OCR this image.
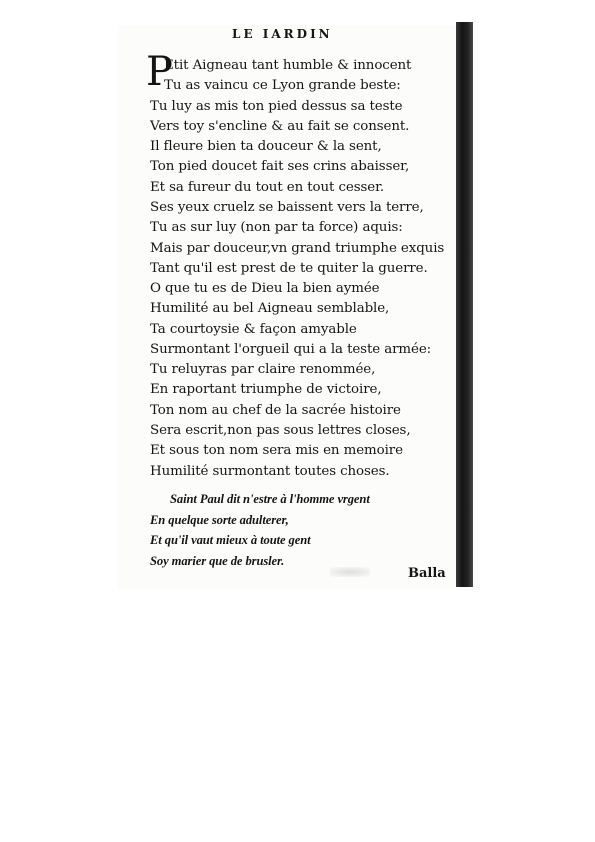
LE IARDIN
P
Etit Aigneau tant humble & innocent
Tu as vaincu ce Lyon grande beste:
Tu luy as mis ton pied dessus sa teste
Vers toy s'encline & au fait se consent.
Il fleure bien ta douceur & la sent,
Ton pied doucet fait ses crins abaisser,
Et sa fureur du tout en tout cesser.
Ses yeux cruelz se baissent vers la terre,
Tu as sur luy (non par ta force) aquis:
Mais par douceur,vn grand triumphe exquis
Tant qu'il est prest de te quiter la guerre.
O que tu es de Dieu la bien aymée
Humilité au bel Aigneau semblable,
Ta courtoysie & façon amyable
Surmontant l'orgueil qui a la teste armée:
Tu reluyras par claire renommée,
En raportant triumphe de victoire,
Ton nom au chef de la sacrée histoire
Sera escrit,non pas sous lettres closes,
Et sous ton nom sera mis en memoire
Humilité surmontant toutes choses.
Saint Paul dit n'estre à l'homme vrgent
En quelque sorte adulterer,
Et qu'il vaut mieux à toute gent
Soy marier que de brusler.
Balla
